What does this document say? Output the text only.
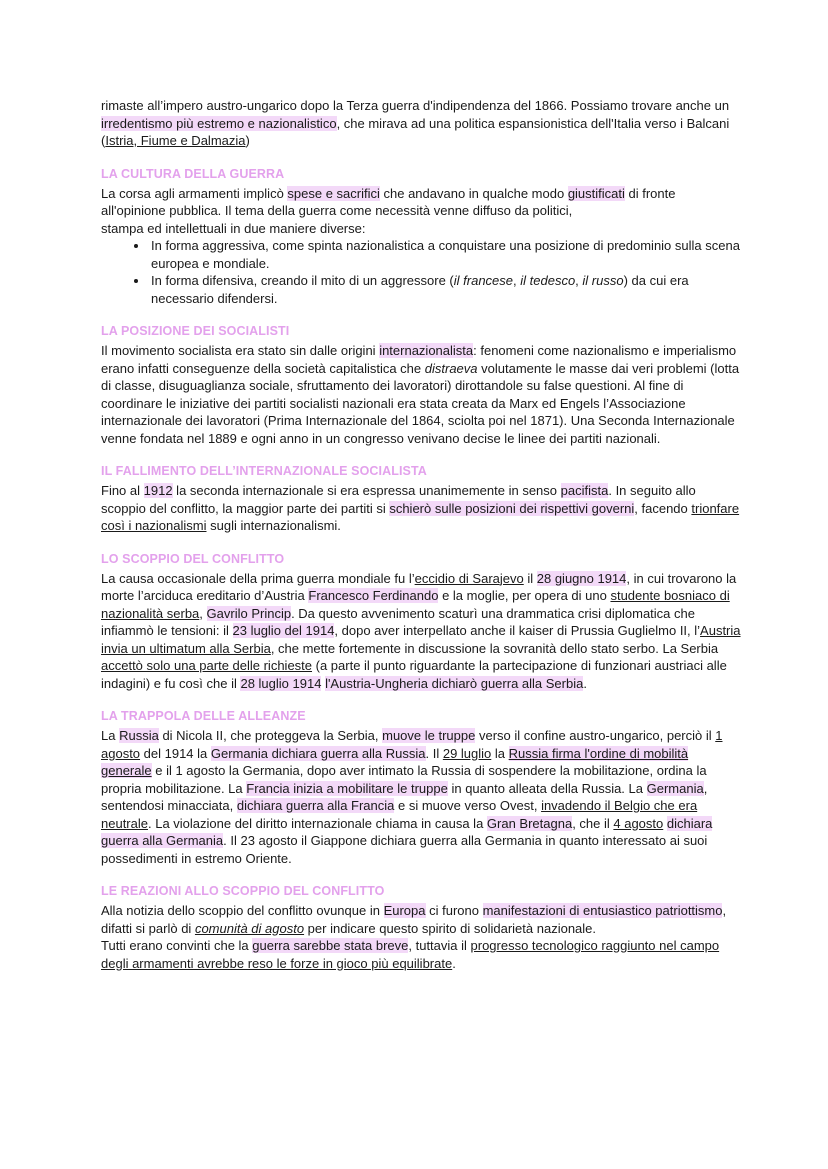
rimaste all’impero austro-ungarico dopo la Terza guerra d'indipendenza del 1866. Possiamo trovare anche un irredentismo più estremo e nazionalistico, che mirava ad una politica espansionistica dell'Italia verso i Balcani (Istria, Fiume e Dalmazia)

LA CULTURA DELLA GUERRA

La corsa agli armamenti implicò spese e sacrifici che andavano in qualche modo giustificati di fronte all'opinione pubblica. Il tema della guerra come necessità venne diffuso da politici,

stampa ed intellettuali in due maniere diverse:

• In forma aggressiva, come spinta nazionalistica a conquistare una posizione di predominio sulla scena europea e mondiale.
• In forma difensiva, creando il mito di un aggressore (il francese, il tedesco, il russo) da cui era necessario difendersi.
LA POSIZIONE DEI SOCIALISTI

Il movimento socialista era stato sin dalle origini internazionalista: fenomeni come nazionalismo e imperialismo erano infatti conseguenze della società capitalistica che distraeva volutamente le masse dai veri problemi (lotta di classe, disuguaglianza sociale, sfruttamento dei lavoratori) dirottandole su false questioni. Al fine di coordinare le iniziative dei partiti socialisti nazionali era stata creata da Marx ed Engels l’Associazione internazionale dei lavoratori (Prima Internazionale del 1864, sciolta poi nel 1871). Una Seconda Internazionale venne fondata nel 1889 e ogni anno in un congresso venivano decise le linee dei partiti nazionali.

IL FALLIMENTO DELL’INTERNAZIONALE SOCIALISTA

Fino al 1912 la seconda internazionale si era espressa unanimemente in senso pacifista. In seguito allo scoppio del conflitto, la maggior parte dei partiti si schierò sulle posizioni dei rispettivi governi, facendo trionfare così i nazionalismi sugli internazionalismi.

LO SCOPPIO DEL CONFLITTO

La causa occasionale della prima guerra mondiale fu l’eccidio di Sarajevo il 28 giugno 1914, in cui trovarono la morte l’arciduca ereditario d’Austria Francesco Ferdinando e la moglie, per opera di uno studente bosniaco di nazionalità serba, Gavrilo Princip. Da questo avvenimento scaturì una drammatica crisi diplomatica che infiammò le tensioni: il 23 luglio del 1914, dopo aver interpellato anche il kaiser di Prussia Guglielmo II, l’Austria invia un ultimatum alla Serbia, che mette fortemente in discussione la sovranità dello stato serbo. La Serbia accettò solo una parte delle richieste (a parte il punto riguardante la partecipazione di funzionari austriaci alle indagini) e fu così che il 28 luglio 1914 l'Austria-Ungheria dichiarò guerra alla Serbia.

LA TRAPPOLA DELLE ALLEANZE

La Russia di Nicola II, che proteggeva la Serbia, muove le truppe verso il confine austro-ungarico, perciò il 1 agosto del 1914 la Germania dichiara guerra alla Russia. Il 29 luglio la Russia firma l'ordine di mobilità generale e il 1 agosto la Germania, dopo aver intimato la Russia di sospendere la mobilitazione, ordina la propria mobilitazione. La Francia inizia a mobilitare le truppe in quanto alleata della Russia. La Germania, sentendosi minacciata, dichiara guerra alla Francia e si muove verso Ovest, invadendo il Belgio che era neutrale. La violazione del diritto internazionale chiama in causa la Gran Bretagna, che il 4 agosto dichiara guerra alla Germania. Il 23 agosto il Giappone dichiara guerra alla Germania in quanto interessato ai suoi possedimenti in estremo Oriente.

LE REAZIONI ALLO SCOPPIO DEL CONFLITTO

Alla notizia dello scoppio del conflitto ovunque in Europa ci furono manifestazioni di entusiastico patriottismo, difatti si parlò di comunità di agosto per indicare questo spirito di solidarietà nazionale.

Tutti erano convinti che la guerra sarebbe stata breve, tuttavia il progresso tecnologico raggiunto nel campo degli armamenti avrebbe reso le forze in gioco più equilibrate.
